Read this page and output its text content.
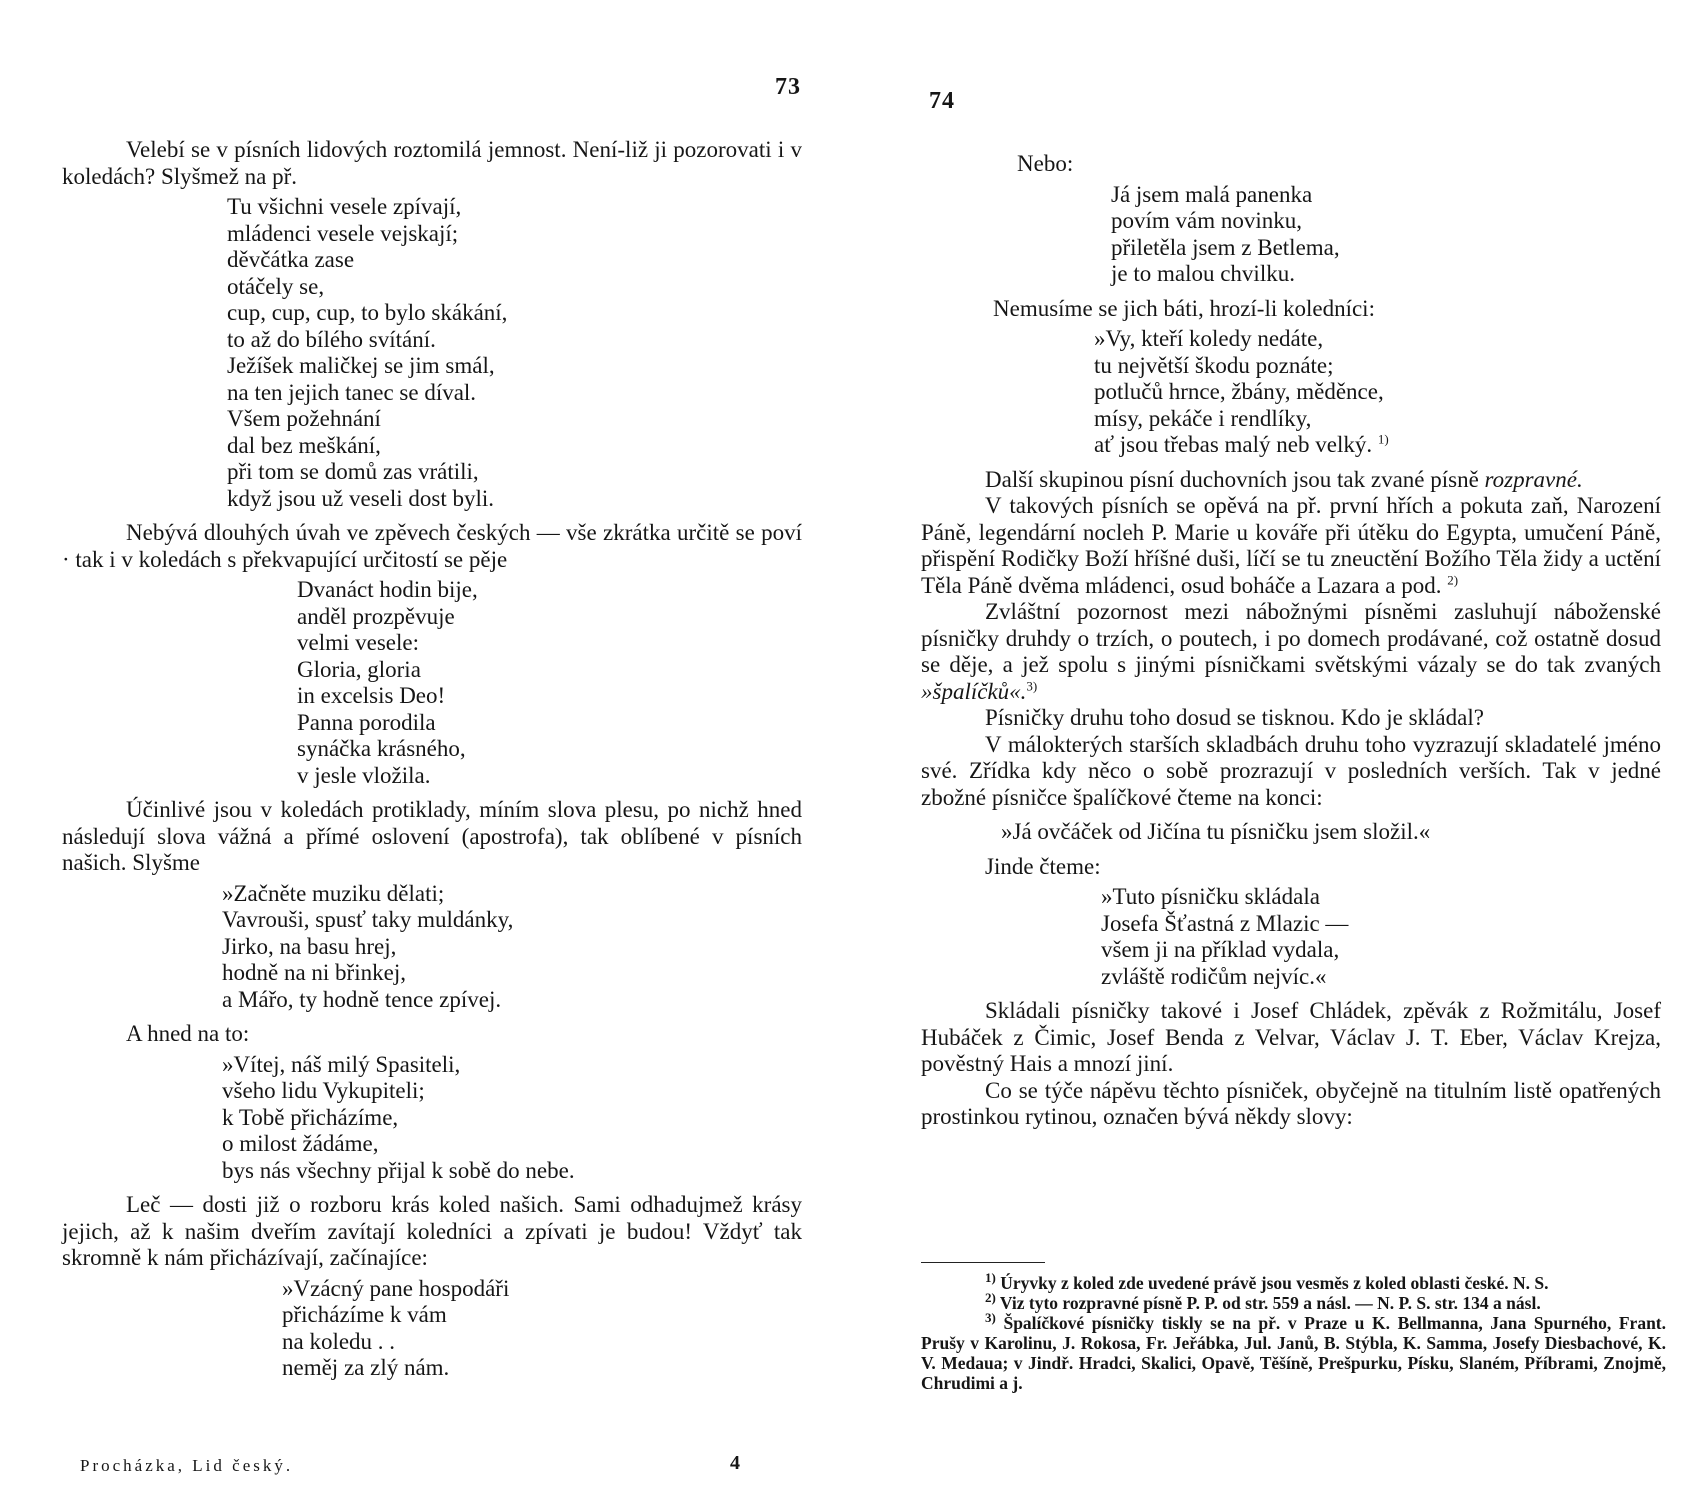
73

Velebí se v písních lidových roztomilá jemnost. Není-liž ji pozorovati i v koledách? Slyšmež na př.

Tu všichni vesele zpívají,
mládenci vesele vejskají;
děvčátka zase
otáčely se,
cup, cup, cup, to bylo skákání,
to až do bílého svítání.
Ježíšek maličkej se jim smál,
na ten jejich tanec se díval.
Všem požehnání
dal bez meškání,
při tom se domů zas vrátili,
když jsou už veseli dost byli.

Nebývá dlouhých úvah ve zpěvech českých — vše zkrátka určitě se poví · tak i v koledách s překvapující určitostí se pěje

Dvanáct hodin bije,
anděl prozpěvuje
velmi vesele:
Gloria, gloria
in excelsis Deo!
Panna porodila
synáčka krásného,
v jesle vložila.

Účinlivé jsou v koledách protiklady, míním slova plesu, po nichž hned následují slova vážná a přímé oslovení (apostrofa), tak oblíbené v písních našich. Slyšme

»Začněte muziku dělati;
Vavrouši, spusť taky muldánky,
Jirko, na basu hrej,
hodně na ni břinkej,
a Mářo, ty hodně tence zpívej.
A hned na to:
»Vítej, náš milý Spasiteli,
všeho lidu Vykupiteli;
k Tobě přicházíme,
o milost žádáme,
bys nás všechny přijal k sobě do nebe.

Leč — dosti již o rozboru krás koled našich. Sami odhadujmež krásy jejich, až k našim dveřím zavítají koledníci a zpívati je budou! Vždyť tak skromně k nám přicházívají, začínajíce:

»Vzácný pane hospodáři
přicházíme k vám
na koledu . .
neměj za zlý nám.
Procházka, Lid český.	4
74
Nebo:
Já jsem malá panenka
povím vám novinku,
přiletěla jsem z Betlema,
je to malou chvilku.
Nemusíme se jich báti, hrozí-li koledníci:
»Vy, kteří koledy nedáte,
tu největší škodu poznáte;
potlučů hrnce, žbány, měděnce,
mísy, pekáče i rendlíky,
ať jsou třebas malý neb velký. $^{1)}$

Další skupinou písní duchovních jsou tak zvané písně rozpravné.

V takových písních se opěvá na př. první hřích a pokuta zaň, Narození Páně, legendární nocleh P. Marie u kováře při útěku do Egypta, umučení Páně, přispění Rodičky Boží hříšné duši, líčí se tu zneuctění Božího Těla židy a uctění Těla Páně dvěma mládenci, osud boháče a Lazara a pod. $^{2)}$

Zvláštní pozornost mezi nábožnými písněmi zasluhují náboženské písničky druhdy o trzích, o poutech, i po domech prodávané, což ostatně dosud se děje, a jež spolu s jinými písničkami světskými vázaly se do tak zvaných »špalíčků«.$^{3)}$

Písničky druhu toho dosud se tisknou. Kdo je skládal?

V málokterých starších skladbách druhu toho vyzrazují skladatelé jméno své. Zřídka kdy něco o sobě prozrazují v posledních verších. Tak v jedné zbožné písničce špalíčkové čteme na konci:

»Já ovčáček od Jičína tu písničku jsem složil.«
Jinde čteme:
»Tuto písničku skládala
Josefa Šťastná z Mlazic —
všem ji na příklad vydala,
zvláště rodičům nejvíc.«

Skládali písničky takové i Josef Chládek, zpěvák z Rožmitálu, Josef Hubáček z Čimic, Josef Benda z Velvar, Václav J. T. Eber, Václav Krejza, pověstný Hais a mnozí jiní.

Co se týče nápěvu těchto písniček, obyčejně na titulním listě opatřených prostinkou rytinou, označen bývá někdy slovy:

$^{1)}$ Úryvky z koled zde uvedené právě jsou vesměs z koled oblasti české. N. S.

$^{2)}$ Viz tyto rozpravné písně P. P. od str. 559 a násl. — N. P. S. str. 134 a násl.

$^{3)}$ Špalíčkové písničky tiskly se na př. v Praze u K. Bellmanna, Jana Spurného, Frant. Prušy v Karolinu, J. Rokosa, Fr. Jeřábka, Jul. Janů, B. Stýbla, K. Samma, Josefy Diesbachové, K. V. Medaua; v Jindř. Hradci, Skalici, Opavě, Těšíně, Prešpurku, Písku, Slaném, Příbrami, Znojmě, Chrudimi a j.
